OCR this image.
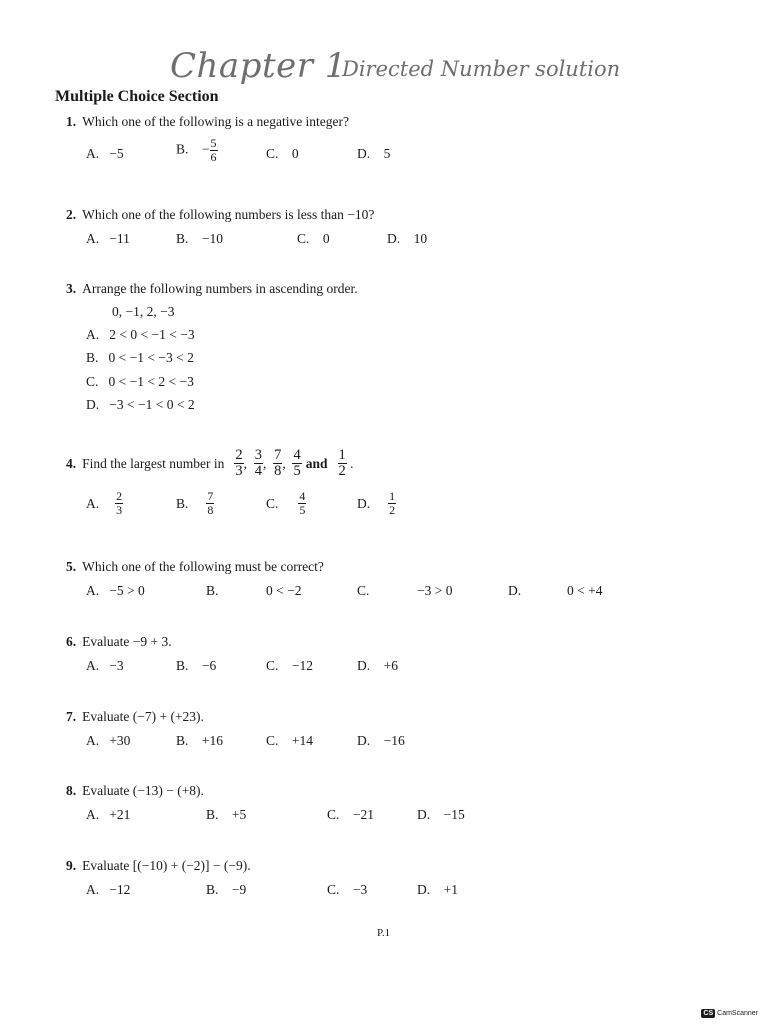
Chapter 1
Directed Number solution
Multiple Choice Section
1. Which one of the following is a negative integer?
A. −5	B. − $\frac{5}{6}$	C. 0	D. 5
2. Which one of the following numbers is less than −10?
A. −11	B. −10	C. 0	D. 10
3. Arrange the following numbers in ascending order.
0, −1, 2, −3
A. 2 < 0 < −1 < −3
B. 0 < −1 < −3 < 2
C. 0 < −1 < 2 < −3
D. −3 < −1 < 0 < 2
4. Find the largest number in $\frac{2}{3}$ , $\frac{3}{4}$ , $\frac{7}{8}$ , $\frac{4}{5}$ and $\frac{1}{2}$ .
A. $\frac{2}{3}$	B. $\frac{7}{8}$	C. $\frac{4}{5}$	D. $\frac{1}{2}$
5. Which one of the following must be correct?
A. −5 > 0	B.	0 < −2	C.	−3 > 0	D.	0 < +4
6. Evaluate −9 + 3.
A. −3	B. −6	C. −12	D. +6
7. Evaluate (−7) + (+23).
A. +30	B. +16	C. +14	D. −16
8. Evaluate (−13) − (+8).
A. +21	B. +5	C. −21	D. −15
9. Evaluate [(−10) + (−2)] − (−9).
A. −12	B. −9	C. −3	D. +1
P.1
CS CamScanner
